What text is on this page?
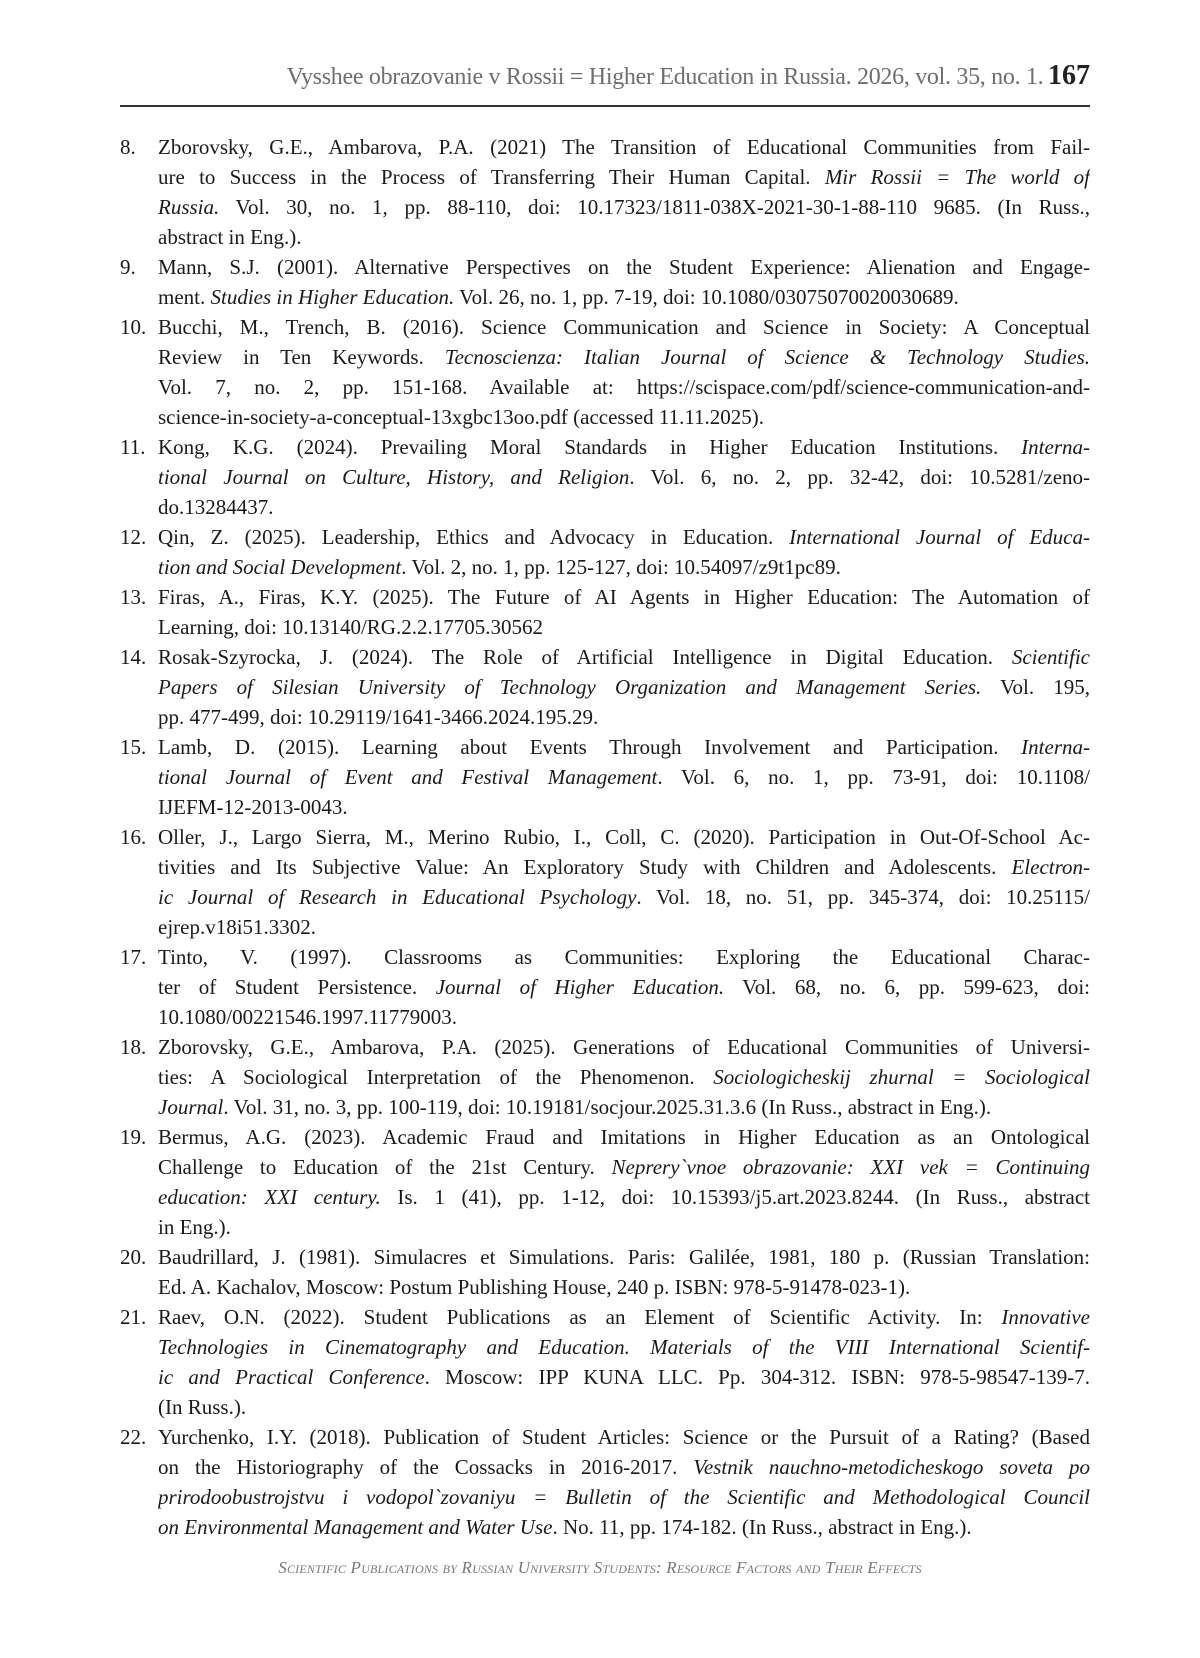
Vysshee obrazovanie v Rossii = Higher Education in Russia. 2026, vol. 35, no. 1. 167
8. Zborovsky, G.E., Ambarova, P.A. (2021) The Transition of Educational Communities from Fail-
ure to Success in the Process of Transferring Their Human Capital. Mir Rossii = The world of
Russia. Vol. 30, no. 1, pp. 88-110, doi: 10.17323/1811-038X-2021-30-1-88-110 9685. (In Russ.,
abstract in Eng.).
9. Mann, S.J. (2001). Alternative Perspectives on the Student Experience: Alienation and Engage-
ment. Studies in Higher Education. Vol. 26, no. 1, pp. 7-19, doi: 10.1080/03075070020030689.
10. Bucchi, M., Trench, B. (2016). Science Communication and Science in Society: A Conceptual
Review in Ten Keywords. Tecnoscienza: Italian Journal of Science & Technology Studies.
Vol. 7, no. 2, pp. 151-168. Available at: https://scispace.com/pdf/science-communication-and-
science-in-society-a-conceptual-13xgbc13oo.pdf (accessed 11.11.2025).
11. Kong, K.G. (2024). Prevailing Moral Standards in Higher Education Institutions. Interna-
tional Journal on Culture, History, and Religion. Vol. 6, no. 2, pp. 32-42, doi: 10.5281/zeno-
do.13284437.
12. Qin, Z. (2025). Leadership, Ethics and Advocacy in Education. International Journal of Educa-
tion and Social Development. Vol. 2, no. 1, pp. 125-127, doi: 10.54097/z9t1pc89.
13. Firas, A., Firas, K.Y. (2025). The Future of AI Agents in Higher Education: The Automation of
Learning, doi: 10.13140/RG.2.2.17705.30562
14. Rosak-Szyrocka, J. (2024). The Role of Artificial Intelligence in Digital Education. Scientific
Papers of Silesian University of Technology Organization and Management Series. Vol. 195,
pp. 477-499, doi: 10.29119/1641-3466.2024.195.29.
15. Lamb, D. (2015). Learning about Events Through Involvement and Participation. Interna-
tional Journal of Event and Festival Management. Vol. 6, no. 1, pp. 73-91, doi: 10.1108/
IJEFM-12-2013-0043.
16. Oller, J., Largo Sierra, M., Merino Rubio, I., Coll, C. (2020). Participation in Out-Of-School Ac-
tivities and Its Subjective Value: An Exploratory Study with Children and Adolescents. Electron-
ic Journal of Research in Educational Psychology. Vol. 18, no. 51, pp. 345-374, doi: 10.25115/
ejrep.v18i51.3302.
17. Tinto, V. (1997). Classrooms as Communities: Exploring the Educational Charac-
ter of Student Persistence. Journal of Higher Education. Vol. 68, no. 6, pp. 599-623, doi:
10.1080/00221546.1997.11779003.
18. Zborovsky, G.E., Ambarova, P.A. (2025). Generations of Educational Communities of Universi-
ties: A Sociological Interpretation of the Phenomenon. Sociologicheskij zhurnal = Sociological
Journal. Vol. 31, no. 3, pp. 100-119, doi: 10.19181/socjour.2025.31.3.6 (In Russ., abstract in Eng.).
19. Bermus, A.G. (2023). Academic Fraud and Imitations in Higher Education as an Ontological
Challenge to Education of the 21st Century. Neprery`vnoe obrazovanie: XXI vek = Continuing
education: XXI century. Is. 1 (41), pp. 1-12, doi: 10.15393/j5.art.2023.8244. (In Russ., abstract
in Eng.).
20. Baudrillard, J. (1981). Simulacres et Simulations. Paris: Galilée, 1981, 180 p. (Russian Translation:
Ed. A. Kachalov, Moscow: Postum Publishing House, 240 p. ISBN: 978-5-91478-023-1).
21. Raev, O.N. (2022). Student Publications as an Element of Scientific Activity. In: Innovative
Technologies in Cinematography and Education. Materials of the VIII International Scientif-
ic and Practical Conference. Moscow: IPP KUNA LLC. Pp. 304-312. ISBN: 978-5-98547-139-7.
(In Russ.).
22. Yurchenko, I.Y. (2018). Publication of Student Articles: Science or the Pursuit of a Rating? (Based
on the Historiography of the Cossacks in 2016-2017. Vestnik nauchno-metodicheskogo soveta po
prirodoobustrojstvu i vodopol`zovaniyu = Bulletin of the Scientific and Methodological Council
on Environmental Management and Water Use. No. 11, pp. 174-182. (In Russ., abstract in Eng.).
Scientific Publications by Russian University Students: Resource Factors and Their Effects
